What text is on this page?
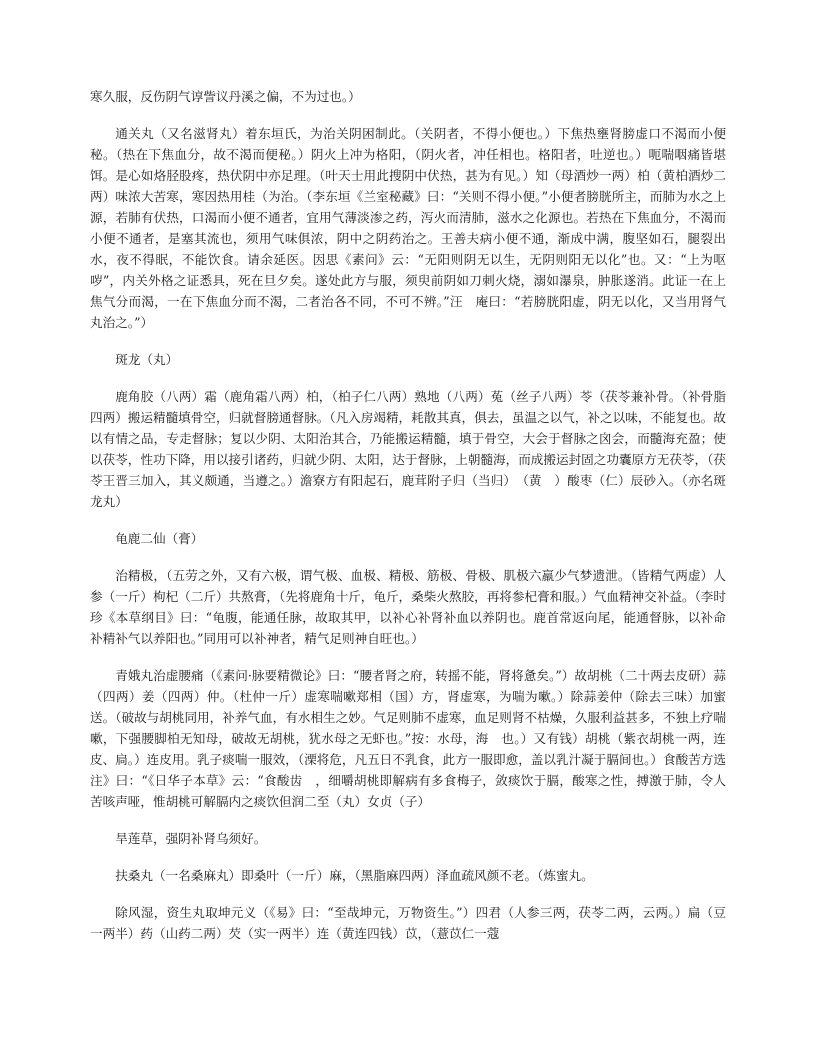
寒久服，反伤阴气谆訾议丹溪之偏，不为过也。）

通关丸（又名滋肾丸）着东垣氏，为治关阴困制此。（关阴者，不得小便也。）下焦热壅肾膀虚口不渴而小便秘。（热在下焦血分，故不渴而便秘。）阴火上冲为格阳，（阴火者，冲任相也。格阳者，吐逆也。）呃喘咽痛皆堪饵。是心如烙胫股疼，热伏阴中亦足理。（叶天士用此搜阴中伏热，甚为有见。）知（母酒炒一两）柏（黄柏酒炒二两）味浓大苦寒，寒因热用桂（为治。（李东垣《兰室秘藏》曰：“关则不得小便。”小便者膀胱所主，而肺为水之上源，若肺有伏热，口渴而小便不通者，宜用气薄淡渗之药，泻火而清肺，滋水之化源也。若热在下焦血分，不渴而小便不通者，是塞其流也，须用气味俱浓，阴中之阴药治之。王善夫病小便不通，渐成中满，腹坚如石，腿裂出水，夜不得眠，不能饮食。请余延医。因思《素问》云：“无阳则阴无以生，无阴则阳无以化”也。又：“上为呕哕”，内关外格之证悉具，死在旦夕矣。遂处此方与服，须臾前阴如刀刺火烧，溺如瀑泉，肿胀遂消。此证一在上焦气分而渴，一在下焦血分而不渴，二者治各不同，不可不辨。”汪　庵曰：“若膀胱阳虚，阴无以化，又当用肾气丸治之。”）

斑龙（丸）

鹿角胶（八两）霜（鹿角霜八两）柏，（柏子仁八两）熟地（八两）菟（丝子八两）苓（茯苓兼补骨。（补骨脂四两）搬运精髓填骨空，归就督膀通督脉。（凡入房竭精，耗散其真，俱去，虽温之以气，补之以味，不能复也。故以有情之品，专走督脉；复以少阴、太阳治其合，乃能搬运精髓，填于骨空，大会于督脉之囟会，而髓海充盈；使以茯苓，性功下降，用以接引诸药，归就少阴、太阳，达于督脉，上朝髓海，而成搬运封固之功囊原方无茯苓，（茯苓王晋三加入，其义颇通，当遵之。）澹寮方有阳起石，鹿茸附子归（当归）　（黄　）酸枣（仁）辰砂入。（亦名斑龙丸）

龟鹿二仙（膏）

治精极，（五劳之外，又有六极，谓气极、血极、精极、筋极、骨极、肌极六羸少气梦遗泄。（皆精气两虚）人参（一斤）枸杞（二斤）共熬膏，（先将鹿角十斤，龟斤，桑柴火熬胶，再将参杞膏和服。）气血精神交补益。（李时珍《本草纲目》曰：“龟腹，能通任脉，故取其甲，以补心补肾补血以养阴也。鹿首常返向尾，能通督脉，以补命补精补气以养阳也。”同用可以补神者，精气足则神自旺也。）

青娥丸治虚腰痛（《素问·脉要精微论》曰：“腰者肾之府，转摇不能，肾将惫矣。”）故胡桃（二十两去皮研）蒜（四两）姜（四两）仲。（杜仲一斤）虚寒喘嗽郑相（国）方，肾虚寒，为喘为嗽。）除蒜姜仲（除去三味）加蜜送。（破故与胡桃同用，补养气血，有水相生之妙。气足则肺不虚寒，血足则肾不枯燥，久服利益甚多，不独上疗喘嗽，下强腰脚柏无知母，破故无胡桃，犹水母之无虾也。”按：水母，海　也。）又有钱）胡桃（紫衣胡桃一两，连皮、扃。）连皮用。乳子痰喘一服效，（溧将危，凡五日不乳食，此方一服即愈，盖以乳汁凝于膈间也。）食酸苦方选注》曰：“《日华子本草》云：“食酸齿　，细嚼胡桃即解病有多食梅子，敛痰饮于膈，酸寒之性，搏激于肺，令人苦咳声哑，惟胡桃可解膈内之痰饮但润二至（丸）女贞（子）

旱莲草，强阴补肾乌须好。

扶桑丸（一名桑麻丸）即桑叶（一斤）麻，（黑脂麻四两）泽血疏风颜不老。（炼蜜丸。

除风湿，资生丸取坤元义（《易》曰：“至哉坤元，万物资生。”）四君（人参三两，茯苓二两，云两。）扁（豆一两半）药（山药二两）芡（实一两半）连（黄连四钱）苡，（薏苡仁一蔻
